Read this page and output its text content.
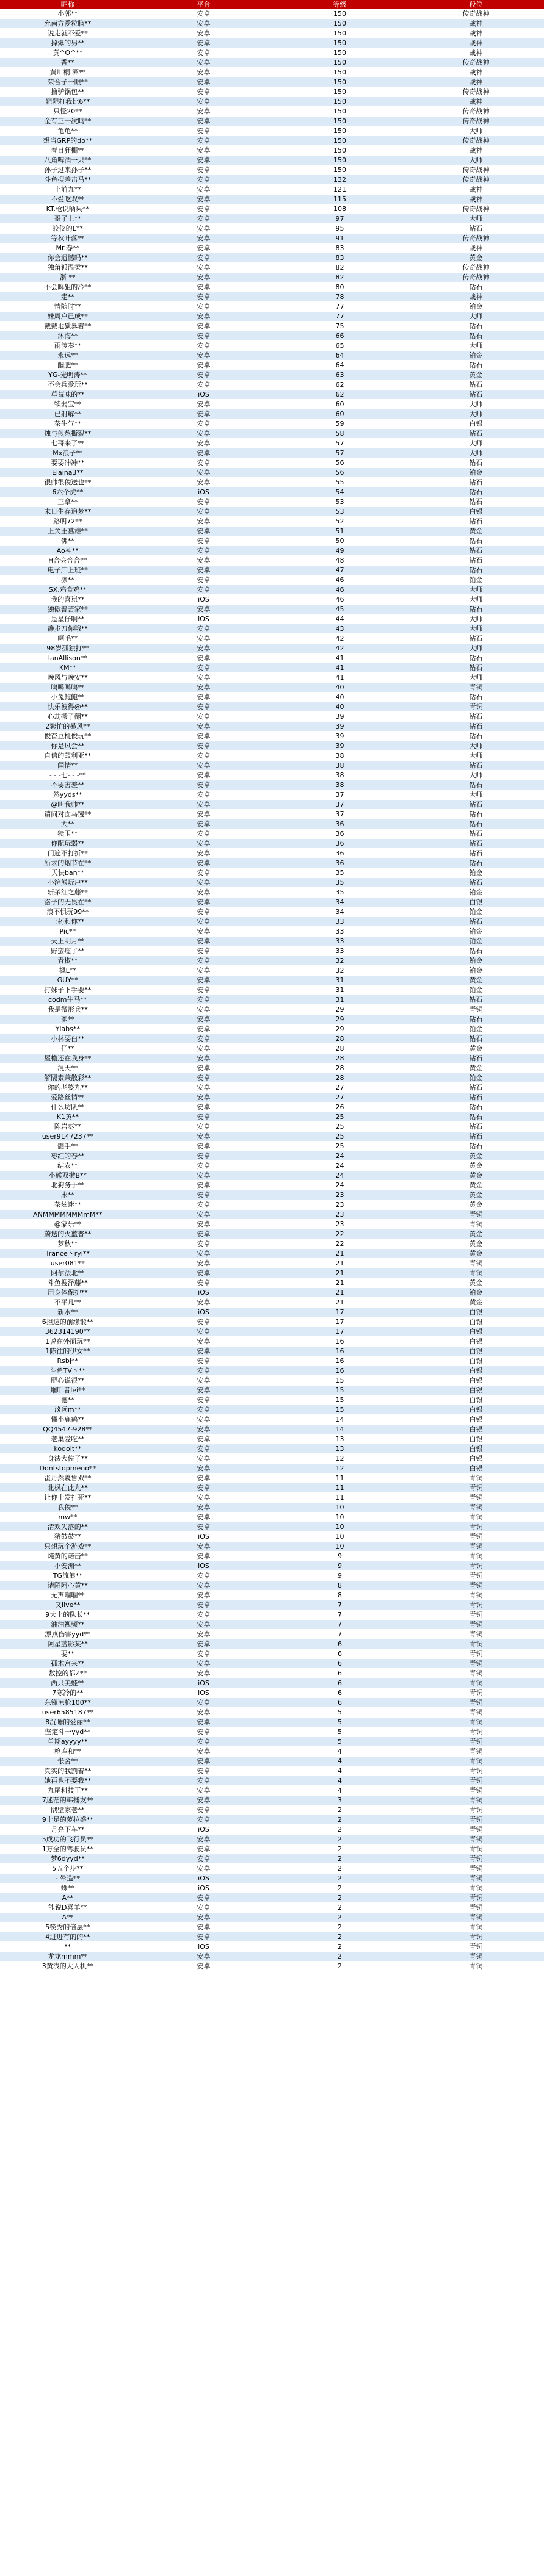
昵称	平台	等级	段位
小郭**	安卓	150	传奇战神
允南方爱粒脑**	安卓	150	战神
说走就不爱**	安卓	150	战神
掉爆的男**	安卓	150	战神
黄^O^**	安卓	150	战神
香**	安卓	150	传奇战神
黄川桐.潭**	安卓	150	战神
荣合子一眼**	安卓	150	战神
撸驴锅包**	安卓	150	传奇战神
靶靶打我比6**	安卓	150	战神
只怪20**	安卓	150	传奇战神
金有三一次吗**	安卓	150	传奇战神
龟龟**	安卓	150	大师
想当GRP的do**	安卓	150	传奇战神
春日狂棚**	安卓	150	战神
八角啤酒一只**	安卓	150	大师
孙子过来孙子**	安卓	150	传奇战神
斗鱼搜差击马**	安卓	132	传奇战神
上前九**	安卓	121	战神
不爱吃双**	安卓	115	战神
KT.枪说晒果**	安卓	108	传奇战神
哥了上**	安卓	97	大师
皎佼的L**	安卓	95	钻石
等秋叶落**	安卓	91	传奇战神
Mr.春**	安卓	83	战神
你会遗憾吗**	安卓	83	黄金
独角狐温柔**	安卓	82	传奇战神
浙 **	安卓	82	传奇战神
不会瞬狙的冷**	安卓	80	钻石
走**	安卓	78	战神
情随时**	安卓	77	铂金
妹周户已成**	安卓	77	大师
戴戴地狱暴着**	安卓	75	钻石
沐海**	安卓	66	钻石
雨渡奏**	安卓	65	大师
永远**	安卓	64	铂金
幽肥**	安卓	64	钻石
YG-光明涛**	安卓	63	黄金
不会兵爱玩**	安卓	62	钻石
草莓味的**	iOS	62	钻石
犊弱宝**	安卓	60	大师
已射解**	安卓	60	大师
茶生气**	安卓	59	白银
烛与煎熬撕裂**	安卓	58	钻石
七哥来了**	安卓	57	大师
Mx浪子**	安卓	57	大师
要要冲冲**	安卓	56	钻石
Elaina3**	安卓	56	铂金
很帅很俊送也**	安卓	55	钻石
6六个虎**	iOS	54	钻石
三拿**	安卓	53	钻石
末日生存追梦**	安卓	53	白银
路明72**	安卓	52	钻石
上关王墓雄**	安卓	51	黄金
佛**	安卓	50	钻石
Ao神**	安卓	49	钻石
H合会合合**	安卓	48	钻石
电子厂上班**	安卓	47	钻石
凛**	安卓	46	铂金
SX.鸡食鸡**	安卓	46	大师
我的喜崽**	iOS	46	大师
独傲普苦家**	安卓	45	钻石
是星仔啊**	iOS	44	大师
静步刀你哦**	安卓	43	大师
啊毛**	安卓	42	钻石
98岁孤独打**	安卓	42	大师
IanAllison**	安卓	41	钻石
KM**	安卓	41	钻石
晚风与晚安**	安卓	41	大师
噶噶噶噶**	安卓	40	青铜
小兔鲍鲍**	安卓	40	钻石
快乐彼得@**	安卓	40	青铜
心劫搬子翻**	安卓	39	钻石
2繁忙的暴风**	安卓	39	钻石
俊奋豆桃俊玩**	安卓	39	钻石
你是风会**	安卓	39	大师
自信的鼓利亚**	安卓	38	大师
闻情**	安卓	38	钻石
- - -七- - -**	安卓	38	大师
不要害羞**	安卓	38	钻石
然yyds**	安卓	37	大师
@叫我帅**	安卓	37	钻石
请问对面马馒**	安卓	37	钻石
大**	安卓	36	钻石
犊玉**	安卓	36	钻石
你配玩弱**	安卓	36	钻石
门遍不打折**	安卓	36	钻石
所求的烟节在**	安卓	36	钻石
天快ban**	安卓	35	铂金
小浣熊玩户**	安卓	35	钻石
斩杀红之藤**	安卓	35	铂金
洛子的无畏在**	安卓	34	白银
浪不惧玩99**	安卓	34	铂金
上药和你**	安卓	33	钻石
Pic**	安卓	33	铂金
天上明月**	安卓	33	铂金
野蛮瘦了**	安卓	33	钻石
青椒**	安卓	32	铂金
枫L**	安卓	32	铂金
GUY**	安卓	31	黄金
打妹子下手要**	安卓	31	铂金
codm牛马**	安卓	31	钻石
我是微形兵**	安卓	29	青铜
爹**	安卓	29	钻石
Ylabs**	安卓	29	铂金
小林要白**	安卓	28	钻石
仔**	安卓	28	黄金
屋檐还在我身**	安卓	28	钻石
混天**	安卓	28	黄金
解隔素兼散彩**	安卓	28	铂金
你的老婆九**	安卓	27	钻石
爱路丝情**	安卓	27	钻石
什么坊队**	安卓	26	钻石
K1黄**	安卓	25	钻石
陈岩枣**	安卓	25	钻石
user9147237**	安卓	25	钻石
髓手**	安卓	25	钻石
枣红的春**	安卓	24	黄金
结农**	安卓	24	黄金
小熊双撇B**	安卓	24	黄金
北狗务于**	安卓	24	黄金
末**	安卓	23	黄金
茶炫迷**	安卓	23	黄金
ANMMMMMMMmM**	安卓	23	青铜
@家乐**	安卓	23	青铜
蔚迭的火蓝普**	安卓	22	黄金
梦秋**	安卓	22	黄金
Trance丶ryi**	安卓	21	黄金
user081**	安卓	21	青铜
阿尔法北**	安卓	21	青铜
斗鱼搜泽藤**	安卓	21	黄金
用身体保护**	iOS	21	铂金
不平凡**	安卓	21	黄金
新水**	iOS	17	白银
6担速的前缘锻**	安卓	17	白银
362314190**	安卓	17	白银
1说在外面玩**	安卓	16	白银
1陈往的伊女**	安卓	16	白银
Rsbj**	安卓	16	白银
斗鱼TV丶**	安卓	16	白银
肥心说很**	安卓	15	白银
蝈听者lei**	安卓	15	白银
德**	安卓	15	白银
淡远m**	安卓	15	白银
懂小鹿鹤**	安卓	14	白银
QQ4547-928**	安卓	14	白银
老巢爱吃**	安卓	13	白银
kodolt**	安卓	13	白银
身法大佐子**	安卓	12	白银
Dontstopmeno**	安卓	12	白银
蛋丹然羲鲁双**	安卓	11	青铜
北枫在此九**	安卓	11	青铜
让你十发打死**	安卓	11	青铜
我俊**	安卓	10	青铜
mw**	安卓	10	青铜
清欢失落的**	安卓	10	青铜
猪鼓鼓**	iOS	10	青铜
只想玩个游戏**	安卓	10	青铜
炖黄的诺击**	安卓	9	青铜
小安洲**	iOS	9	青铜
TG流浪**	安卓	9	青铜
请陌阿心黄**	安卓	8	青铜
无声嗰嗰**	安卓	8	青铜
又live**	安卓	7	青铜
9大上的队长**	安卓	7	青铜
油油视频**	安卓	7	青铜
漂燕伤害yyd**	安卓	7	青铜
阿星蓝影某**	安卓	6	青铜
要**	安卓	6	青铜
孤木宫来**	安卓	6	青铜
数控的都Z**	安卓	6	青铜
两只美蛙**	iOS	6	青铜
7寒冷的**	iOS	6	青铜
东锋凉枪100**	安卓	6	青铜
user6585187**	安卓	5	青铜
8沉睡的爱丽**	安卓	5	青铜
坚定斗一yyd**	安卓	5	青铜
单期ayyyy**	安卓	5	青铜
枪库和**	安卓	4	青铜
怅舍**	安卓	4	青铜
真实的我割着**	安卓	4	青铜
她再也不要我**	安卓	4	青铜
九尾科技王**	安卓	4	青铜
7迷茫的韩播友**	安卓	3	青铜
隅壁家老**	安卓	2	青铜
9十足的萝拉盛**	安卓	2	青铜
月亮下车**	iOS	2	青铜
5成功的飞行员**	安卓	2	青铜
1万全的驾驶员**	安卓	2	青铜
梦6dyyd**	安卓	2	青铜
5五个步**	安卓	2	青铜
- 晕造**	iOS	2	青铜
蛛**	iOS	2	青铜
A**	安卓	2	青铜
能说D喜羊**	安卓	2	青铜
A**	安卓	2	青铜
5筷秀的倍层**	安卓	2	青铜
4进进有的的**	安卓	2	青铜
**	iOS	2	青铜
龙龙mmm**	安卓	2	青铜
3黄浅的大人机**	安卓	2	青铜
